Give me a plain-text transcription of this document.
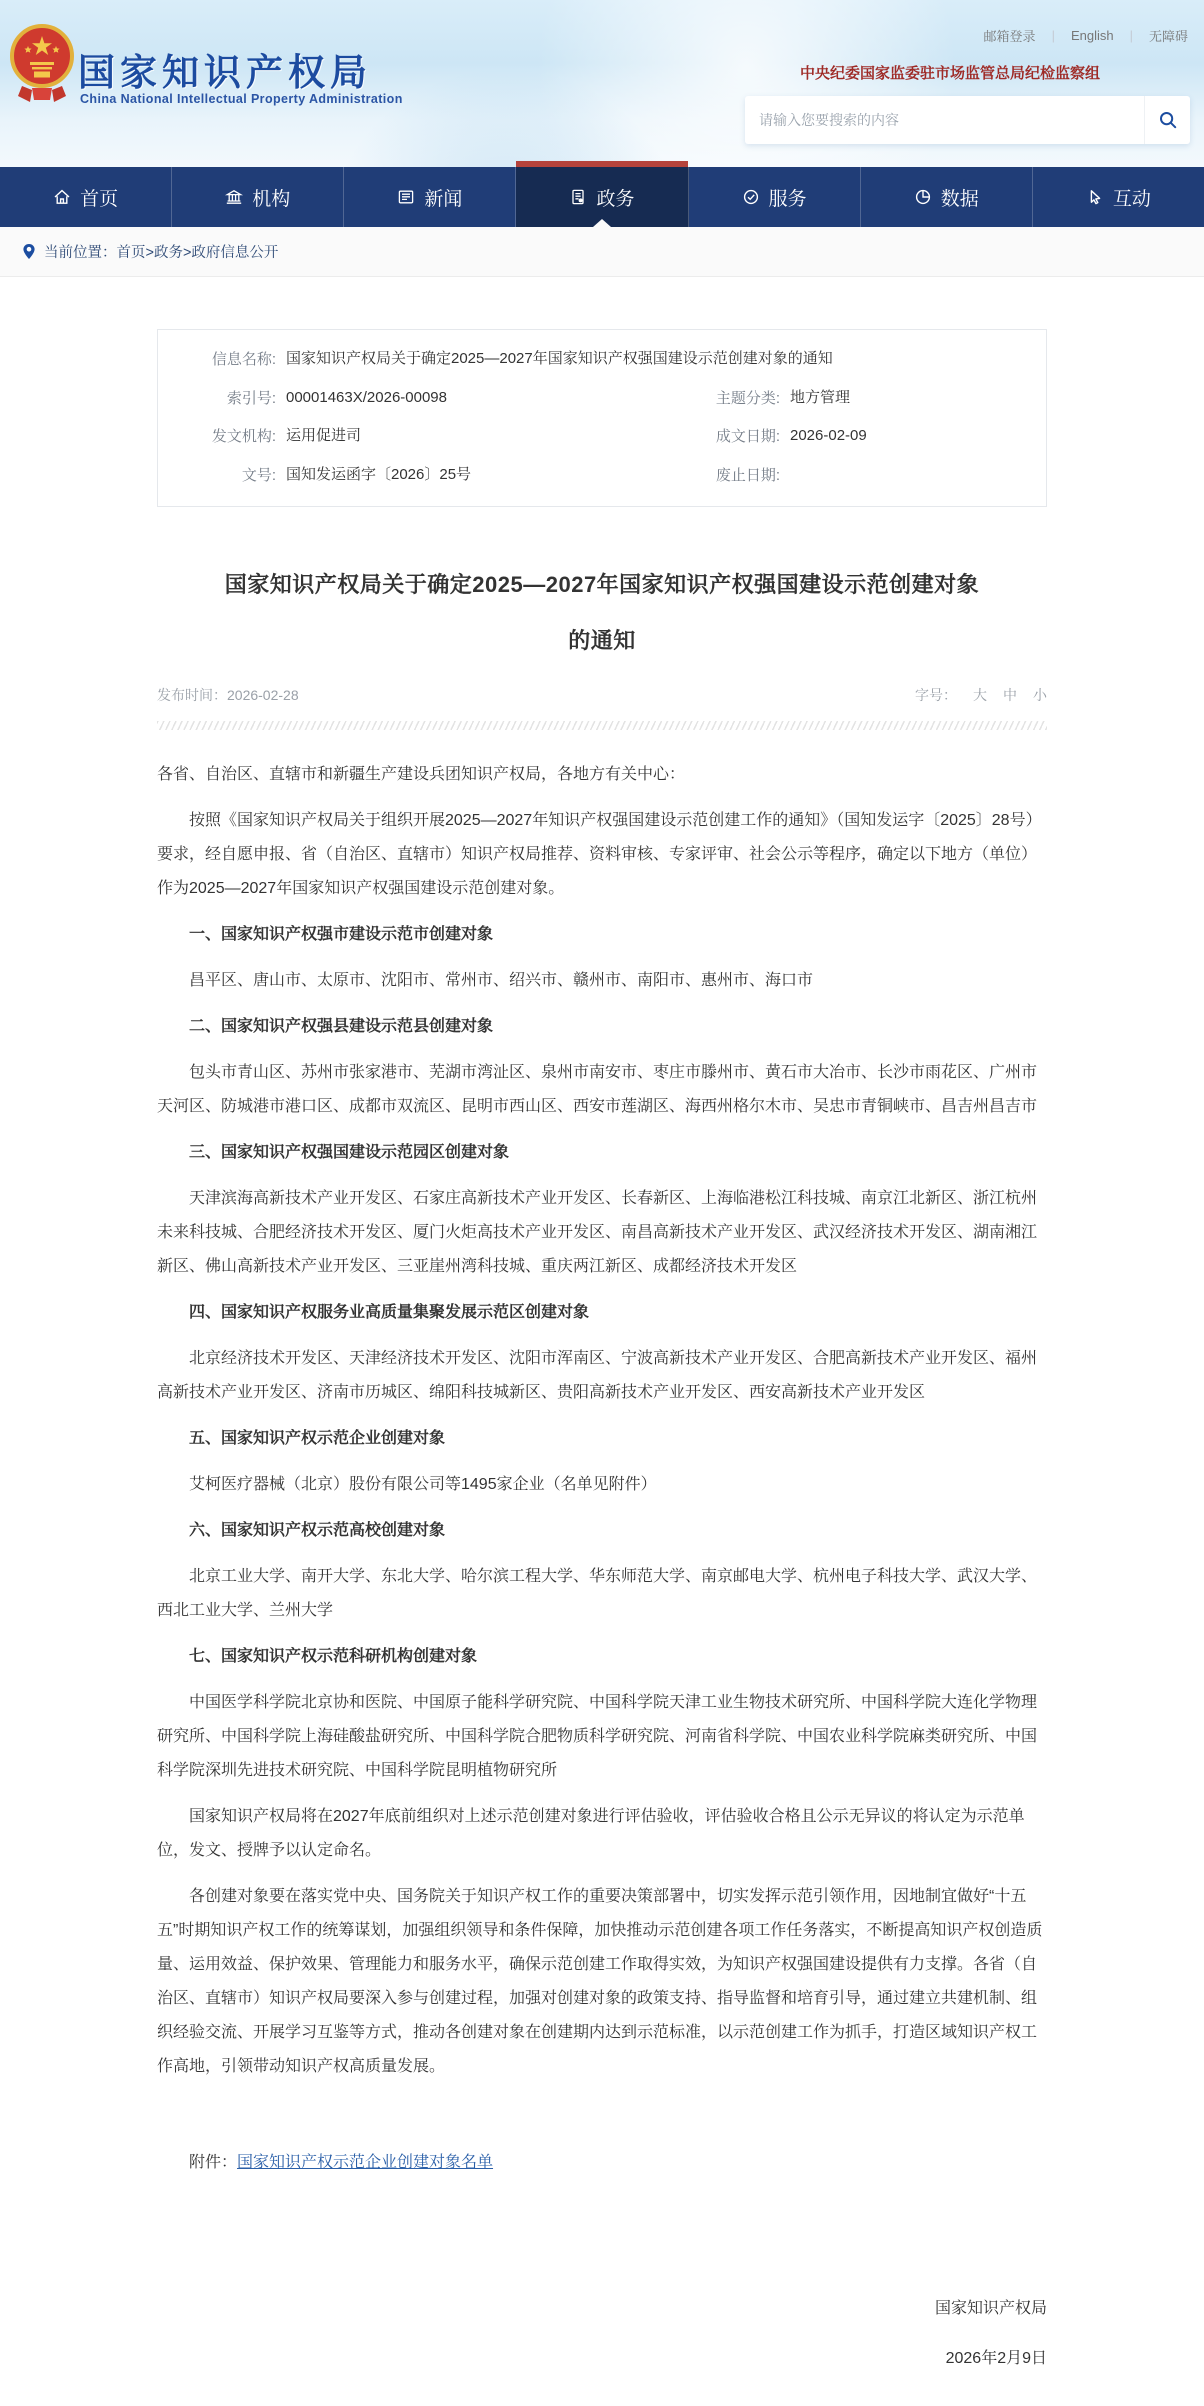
国家知识产权局
China National Intellectual Property Administration
邮箱登录	|	English	|	无障碍
中央纪委国家监委驻市场监管总局纪检监察组
请输入您要搜索的内容
首页	机构	新闻	政务	服务	数据	互动
当前位置：首页>政务>政府信息公开
信息名称: 国家知识产权局关于确定2025—2027年国家知识产权强国建设示范创建对象的通知
索引号: 00001463X/2026-00098	主题分类: 地方管理
发文机构: 运用促进司	成文日期: 2026-02-09
文号: 国知发运函字〔2026〕25号	废止日期:
国家知识产权局关于确定2025—2027年国家知识产权强国建设示范创建对象的通知
发布时间：2026-02-28	字号： 大 中 小

各省、自治区、直辖市和新疆生产建设兵团知识产权局，各地方有关中心：

按照《国家知识产权局关于组织开展2025—2027年知识产权强国建设示范创建工作的通知》（国知发运字〔2025〕28号）要求，经自愿申报、省（自治区、直辖市）知识产权局推荐、资料审核、专家评审、社会公示等程序，确定以下地方（单位）作为2025—2027年国家知识产权强国建设示范创建对象。

一、国家知识产权强市建设示范市创建对象

昌平区、唐山市、太原市、沈阳市、常州市、绍兴市、赣州市、南阳市、惠州市、海口市

二、国家知识产权强县建设示范县创建对象

包头市青山区、苏州市张家港市、芜湖市湾沚区、泉州市南安市、枣庄市滕州市、黄石市大冶市、长沙市雨花区、广州市天河区、防城港市港口区、成都市双流区、昆明市西山区、西安市莲湖区、海西州格尔木市、吴忠市青铜峡市、昌吉州昌吉市

三、国家知识产权强国建设示范园区创建对象

天津滨海高新技术产业开发区、石家庄高新技术产业开发区、长春新区、上海临港松江科技城、南京江北新区、浙江杭州未来科技城、合肥经济技术开发区、厦门火炬高技术产业开发区、南昌高新技术产业开发区、武汉经济技术开发区、湖南湘江新区、佛山高新技术产业开发区、三亚崖州湾科技城、重庆两江新区、成都经济技术开发区

四、国家知识产权服务业高质量集聚发展示范区创建对象

北京经济技术开发区、天津经济技术开发区、沈阳市浑南区、宁波高新技术产业开发区、合肥高新技术产业开发区、福州高新技术产业开发区、济南市历城区、绵阳科技城新区、贵阳高新技术产业开发区、西安高新技术产业开发区

五、国家知识产权示范企业创建对象

艾柯医疗器械（北京）股份有限公司等1495家企业（名单见附件）

六、国家知识产权示范高校创建对象

北京工业大学、南开大学、东北大学、哈尔滨工程大学、华东师范大学、南京邮电大学、杭州电子科技大学、武汉大学、西北工业大学、兰州大学

七、国家知识产权示范科研机构创建对象

中国医学科学院北京协和医院、中国原子能科学研究院、中国科学院天津工业生物技术研究所、中国科学院大连化学物理研究所、中国科学院上海硅酸盐研究所、中国科学院合肥物质科学研究院、河南省科学院、中国农业科学院麻类研究所、中国科学院深圳先进技术研究院、中国科学院昆明植物研究所

国家知识产权局将在2027年底前组织对上述示范创建对象进行评估验收，评估验收合格且公示无异议的将认定为示范单位，发文、授牌予以认定命名。

各创建对象要在落实党中央、国务院关于知识产权工作的重要决策部署中，切实发挥示范引领作用，因地制宜做好“十五五”时期知识产权工作的统筹谋划，加强组织领导和条件保障，加快推动示范创建各项工作任务落实，不断提高知识产权创造质量、运用效益、保护效果、管理能力和服务水平，确保示范创建工作取得实效，为知识产权强国建设提供有力支撑。各省（自治区、直辖市）知识产权局要深入参与创建过程，加强对创建对象的政策支持、指导监督和培育引导，通过建立共建机制、组织经验交流、开展学习互鉴等方式，推动各创建对象在创建期内达到示范标准，以示范创建工作为抓手，打造区域知识产权工作高地，引领带动知识产权高质量发展。

附件：国家知识产权示范企业创建对象名单
国家知识产权局
2026年2月9日
